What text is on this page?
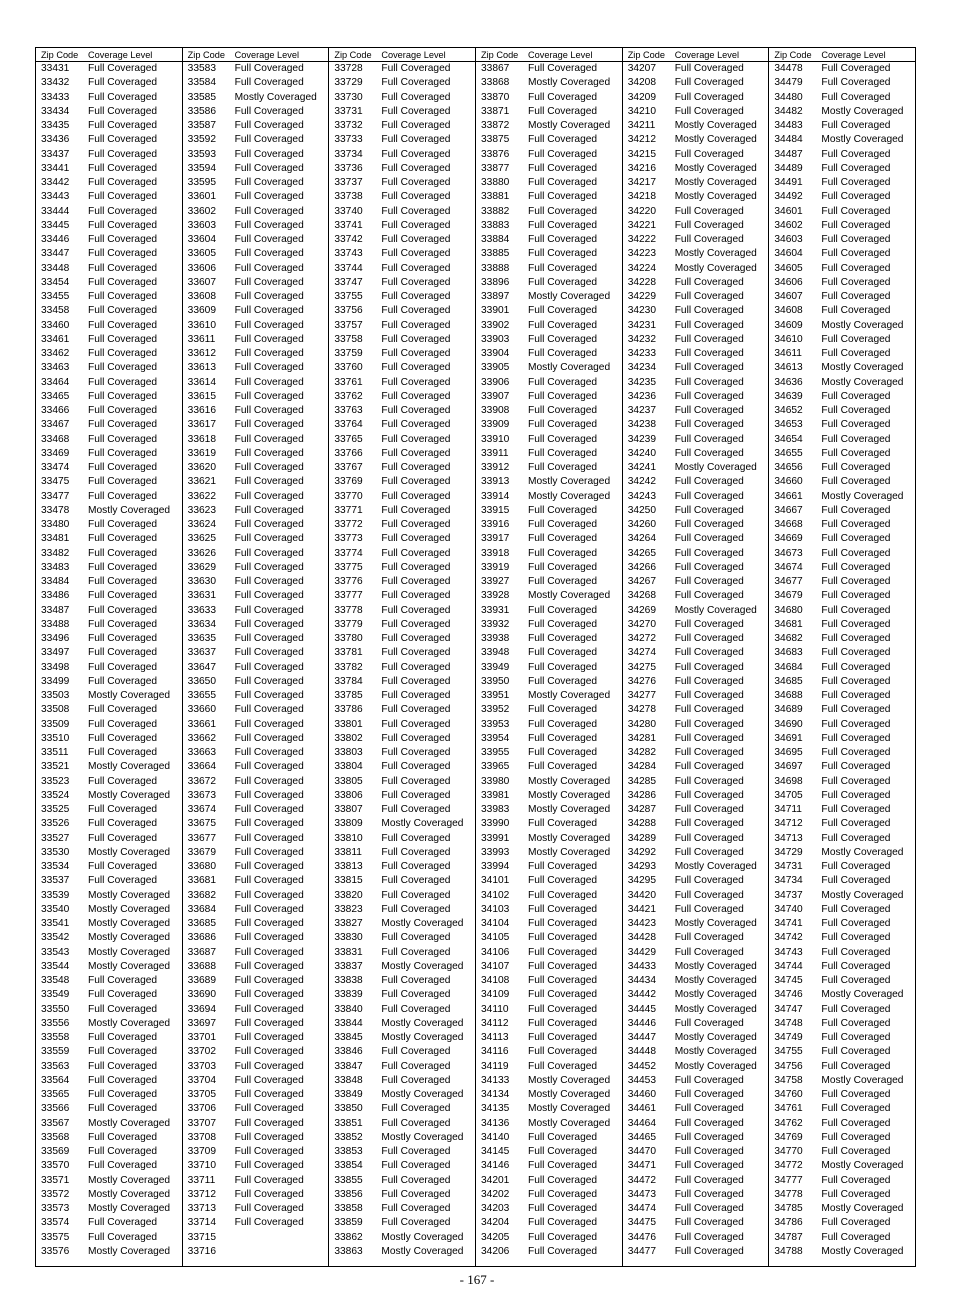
Zip Code	Coverage Level
33431	Full Coveraged
33432	Full Coveraged
33433	Full Coveraged
33434	Full Coveraged
33435	Full Coveraged
33436	Full Coveraged
33437	Full Coveraged
33441	Full Coveraged
33442	Full Coveraged
33443	Full Coveraged
33444	Full Coveraged
33445	Full Coveraged
33446	Full Coveraged
33447	Full Coveraged
33448	Full Coveraged
33454	Full Coveraged
33455	Full Coveraged
33458	Full Coveraged
33460	Full Coveraged
33461	Full Coveraged
33462	Full Coveraged
33463	Full Coveraged
33464	Full Coveraged
33465	Full Coveraged
33466	Full Coveraged
33467	Full Coveraged
33468	Full Coveraged
33469	Full Coveraged
33474	Full Coveraged
33475	Full Coveraged
33477	Full Coveraged
33478	Mostly Coveraged
33480	Full Coveraged
33481	Full Coveraged
33482	Full Coveraged
33483	Full Coveraged
33484	Full Coveraged
33486	Full Coveraged
33487	Full Coveraged
33488	Full Coveraged
33496	Full Coveraged
33497	Full Coveraged
33498	Full Coveraged
33499	Full Coveraged
33503	Mostly Coveraged
33508	Full Coveraged
33509	Full Coveraged
33510	Full Coveraged
33511	Full Coveraged
33521	Mostly Coveraged
33523	Full Coveraged
33524	Mostly Coveraged
33525	Full Coveraged
33526	Full Coveraged
33527	Full Coveraged
33530	Mostly Coveraged
33534	Full Coveraged
33537	Full Coveraged
33539	Mostly Coveraged
33540	Mostly Coveraged
33541	Mostly Coveraged
33542	Mostly Coveraged
33543	Mostly Coveraged
33544	Mostly Coveraged
33548	Full Coveraged
33549	Full Coveraged
33550	Full Coveraged
33556	Mostly Coveraged
33558	Full Coveraged
33559	Full Coveraged
33563	Full Coveraged
33564	Full Coveraged
33565	Full Coveraged
33566	Full Coveraged
33567	Mostly Coveraged
33568	Full Coveraged
33569	Full Coveraged
33570	Full Coveraged
33571	Mostly Coveraged
33572	Mostly Coveraged
33573	Mostly Coveraged
33574	Full Coveraged
33575	Full Coveraged
33576	Mostly Coveraged
Zip Code	Coverage Level
33583	Full Coveraged
33584	Full Coveraged
33585	Mostly Coveraged
33586	Full Coveraged
33587	Full Coveraged
33592	Full Coveraged
33593	Full Coveraged
33594	Full Coveraged
33595	Full Coveraged
33601	Full Coveraged
33602	Full Coveraged
33603	Full Coveraged
33604	Full Coveraged
33605	Full Coveraged
33606	Full Coveraged
33607	Full Coveraged
33608	Full Coveraged
33609	Full Coveraged
33610	Full Coveraged
33611	Full Coveraged
33612	Full Coveraged
33613	Full Coveraged
33614	Full Coveraged
33615	Full Coveraged
33616	Full Coveraged
33617	Full Coveraged
33618	Full Coveraged
33619	Full Coveraged
33620	Full Coveraged
33621	Full Coveraged
33622	Full Coveraged
33623	Full Coveraged
33624	Full Coveraged
33625	Full Coveraged
33626	Full Coveraged
33629	Full Coveraged
33630	Full Coveraged
33631	Full Coveraged
33633	Full Coveraged
33634	Full Coveraged
33635	Full Coveraged
33637	Full Coveraged
33647	Full Coveraged
33650	Full Coveraged
33655	Full Coveraged
33660	Full Coveraged
33661	Full Coveraged
33662	Full Coveraged
33663	Full Coveraged
33664	Full Coveraged
33672	Full Coveraged
33673	Full Coveraged
33674	Full Coveraged
33675	Full Coveraged
33677	Full Coveraged
33679	Full Coveraged
33680	Full Coveraged
33681	Full Coveraged
33682	Full Coveraged
33684	Full Coveraged
33685	Full Coveraged
33686	Full Coveraged
33687	Full Coveraged
33688	Full Coveraged
33689	Full Coveraged
33690	Full Coveraged
33694	Full Coveraged
33697	Full Coveraged
33701	Full Coveraged
33702	Full Coveraged
33703	Full Coveraged
33704	Full Coveraged
33705	Full Coveraged
33706	Full Coveraged
33707	Full Coveraged
33708	Full Coveraged
33709	Full Coveraged
33710	Full Coveraged
33711	Full Coveraged
33712	Full Coveraged
33713	Full Coveraged
33714	Full Coveraged
33715
33716
Zip Code	Coverage Level
33728	Full Coveraged
33729	Full Coveraged
33730	Full Coveraged
33731	Full Coveraged
33732	Full Coveraged
33733	Full Coveraged
33734	Full Coveraged
33736	Full Coveraged
33737	Full Coveraged
33738	Full Coveraged
33740	Full Coveraged
33741	Full Coveraged
33742	Full Coveraged
33743	Full Coveraged
33744	Full Coveraged
33747	Full Coveraged
33755	Full Coveraged
33756	Full Coveraged
33757	Full Coveraged
33758	Full Coveraged
33759	Full Coveraged
33760	Full Coveraged
33761	Full Coveraged
33762	Full Coveraged
33763	Full Coveraged
33764	Full Coveraged
33765	Full Coveraged
33766	Full Coveraged
33767	Full Coveraged
33769	Full Coveraged
33770	Full Coveraged
33771	Full Coveraged
33772	Full Coveraged
33773	Full Coveraged
33774	Full Coveraged
33775	Full Coveraged
33776	Full Coveraged
33777	Full Coveraged
33778	Full Coveraged
33779	Full Coveraged
33780	Full Coveraged
33781	Full Coveraged
33782	Full Coveraged
33784	Full Coveraged
33785	Full Coveraged
33786	Full Coveraged
33801	Full Coveraged
33802	Full Coveraged
33803	Full Coveraged
33804	Full Coveraged
33805	Full Coveraged
33806	Full Coveraged
33807	Full Coveraged
33809	Mostly Coveraged
33810	Full Coveraged
33811	Full Coveraged
33813	Full Coveraged
33815	Full Coveraged
33820	Full Coveraged
33823	Full Coveraged
33827	Mostly Coveraged
33830	Full Coveraged
33831	Full Coveraged
33837	Mostly Coveraged
33838	Full Coveraged
33839	Full Coveraged
33840	Full Coveraged
33844	Mostly Coveraged
33845	Mostly Coveraged
33846	Full Coveraged
33847	Full Coveraged
33848	Full Coveraged
33849	Mostly Coveraged
33850	Full Coveraged
33851	Full Coveraged
33852	Mostly Coveraged
33853	Full Coveraged
33854	Full Coveraged
33855	Full Coveraged
33856	Full Coveraged
33858	Full Coveraged
33859	Full Coveraged
33862	Mostly Coveraged
33863	Mostly Coveraged
Zip Code	Coverage Level
33867	Full Coveraged
33868	Mostly Coveraged
33870	Full Coveraged
33871	Full Coveraged
33872	Mostly Coveraged
33875	Full Coveraged
33876	Full Coveraged
33877	Full Coveraged
33880	Full Coveraged
33881	Full Coveraged
33882	Full Coveraged
33883	Full Coveraged
33884	Full Coveraged
33885	Full Coveraged
33888	Full Coveraged
33896	Full Coveraged
33897	Mostly Coveraged
33901	Full Coveraged
33902	Full Coveraged
33903	Full Coveraged
33904	Full Coveraged
33905	Mostly Coveraged
33906	Full Coveraged
33907	Full Coveraged
33908	Full Coveraged
33909	Full Coveraged
33910	Full Coveraged
33911	Full Coveraged
33912	Full Coveraged
33913	Mostly Coveraged
33914	Mostly Coveraged
33915	Full Coveraged
33916	Full Coveraged
33917	Full Coveraged
33918	Full Coveraged
33919	Full Coveraged
33927	Full Coveraged
33928	Mostly Coveraged
33931	Full Coveraged
33932	Full Coveraged
33938	Full Coveraged
33948	Full Coveraged
33949	Full Coveraged
33950	Full Coveraged
33951	Mostly Coveraged
33952	Full Coveraged
33953	Full Coveraged
33954	Full Coveraged
33955	Full Coveraged
33965	Full Coveraged
33980	Mostly Coveraged
33981	Mostly Coveraged
33983	Mostly Coveraged
33990	Full Coveraged
33991	Mostly Coveraged
33993	Mostly Coveraged
33994	Full Coveraged
34101	Full Coveraged
34102	Full Coveraged
34103	Full Coveraged
34104	Full Coveraged
34105	Full Coveraged
34106	Full Coveraged
34107	Full Coveraged
34108	Full Coveraged
34109	Full Coveraged
34110	Full Coveraged
34112	Full Coveraged
34113	Full Coveraged
34116	Full Coveraged
34119	Full Coveraged
34133	Mostly Coveraged
34134	Mostly Coveraged
34135	Mostly Coveraged
34136	Mostly Coveraged
34140	Full Coveraged
34145	Full Coveraged
34146	Full Coveraged
34201	Full Coveraged
34202	Full Coveraged
34203	Full Coveraged
34204	Full Coveraged
34205	Full Coveraged
34206	Full Coveraged
Zip Code	Coverage Level
34207	Full Coveraged
34208	Full Coveraged
34209	Full Coveraged
34210	Full Coveraged
34211	Mostly Coveraged
34212	Mostly Coveraged
34215	Full Coveraged
34216	Mostly Coveraged
34217	Mostly Coveraged
34218	Mostly Coveraged
34220	Full Coveraged
34221	Full Coveraged
34222	Full Coveraged
34223	Mostly Coveraged
34224	Mostly Coveraged
34228	Full Coveraged
34229	Full Coveraged
34230	Full Coveraged
34231	Full Coveraged
34232	Full Coveraged
34233	Full Coveraged
34234	Full Coveraged
34235	Full Coveraged
34236	Full Coveraged
34237	Full Coveraged
34238	Full Coveraged
34239	Full Coveraged
34240	Full Coveraged
34241	Mostly Coveraged
34242	Full Coveraged
34243	Full Coveraged
34250	Full Coveraged
34260	Full Coveraged
34264	Full Coveraged
34265	Full Coveraged
34266	Full Coveraged
34267	Full Coveraged
34268	Full Coveraged
34269	Mostly Coveraged
34270	Full Coveraged
34272	Full Coveraged
34274	Full Coveraged
34275	Full Coveraged
34276	Full Coveraged
34277	Full Coveraged
34278	Full Coveraged
34280	Full Coveraged
34281	Full Coveraged
34282	Full Coveraged
34284	Full Coveraged
34285	Full Coveraged
34286	Full Coveraged
34287	Full Coveraged
34288	Full Coveraged
34289	Full Coveraged
34292	Full Coveraged
34293	Mostly Coveraged
34295	Full Coveraged
34420	Full Coveraged
34421	Full Coveraged
34423	Mostly Coveraged
34428	Full Coveraged
34429	Full Coveraged
34433	Mostly Coveraged
34434	Mostly Coveraged
34442	Mostly Coveraged
34445	Mostly Coveraged
34446	Full Coveraged
34447	Mostly Coveraged
34448	Mostly Coveraged
34452	Mostly Coveraged
34453	Full Coveraged
34460	Full Coveraged
34461	Full Coveraged
34464	Full Coveraged
34465	Full Coveraged
34470	Full Coveraged
34471	Full Coveraged
34472	Full Coveraged
34473	Full Coveraged
34474	Full Coveraged
34475	Full Coveraged
34476	Full Coveraged
34477	Full Coveraged
Zip Code	Coverage Level
34478	Full Coveraged
34479	Full Coveraged
34480	Full Coveraged
34482	Mostly Coveraged
34483	Full Coveraged
34484	Mostly Coveraged
34487	Full Coveraged
34489	Full Coveraged
34491	Full Coveraged
34492	Full Coveraged
34601	Full Coveraged
34602	Full Coveraged
34603	Full Coveraged
34604	Full Coveraged
34605	Full Coveraged
34606	Full Coveraged
34607	Full Coveraged
34608	Full Coveraged
34609	Mostly Coveraged
34610	Full Coveraged
34611	Full Coveraged
34613	Mostly Coveraged
34636	Mostly Coveraged
34639	Full Coveraged
34652	Full Coveraged
34653	Full Coveraged
34654	Full Coveraged
34655	Full Coveraged
34656	Full Coveraged
34660	Full Coveraged
34661	Mostly Coveraged
34667	Full Coveraged
34668	Full Coveraged
34669	Full Coveraged
34673	Full Coveraged
34674	Full Coveraged
34677	Full Coveraged
34679	Full Coveraged
34680	Full Coveraged
34681	Full Coveraged
34682	Full Coveraged
34683	Full Coveraged
34684	Full Coveraged
34685	Full Coveraged
34688	Full Coveraged
34689	Full Coveraged
34690	Full Coveraged
34691	Full Coveraged
34695	Full Coveraged
34697	Full Coveraged
34698	Full Coveraged
34705	Full Coveraged
34711	Full Coveraged
34712	Full Coveraged
34713	Full Coveraged
34729	Mostly Coveraged
34731	Full Coveraged
34734	Full Coveraged
34737	Mostly Coveraged
34740	Full Coveraged
34741	Full Coveraged
34742	Full Coveraged
34743	Full Coveraged
34744	Full Coveraged
34745	Full Coveraged
34746	Mostly Coveraged
34747	Full Coveraged
34748	Full Coveraged
34749	Full Coveraged
34755	Full Coveraged
34756	Full Coveraged
34758	Mostly Coveraged
34760	Full Coveraged
34761	Full Coveraged
34762	Full Coveraged
34769	Full Coveraged
34770	Full Coveraged
34772	Mostly Coveraged
34777	Full Coveraged
34778	Full Coveraged
34785	Mostly Coveraged
34786	Full Coveraged
34787	Full Coveraged
34788	Mostly Coveraged
- 167 -
